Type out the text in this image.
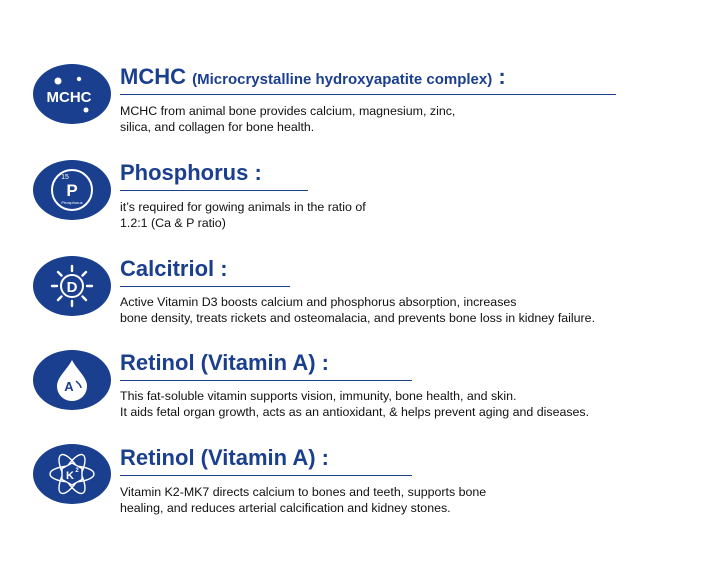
MCHC
MCHC (Microcrystalline hydroxyapatite complex) :
MCHC from animal bone provides calcium, magnesium, zinc,
silica, and collagen for bone health.
15
P
Phosphorus
Phosphorus :
it’s required for gowing animals in the ratio of
1.2:1 (Ca & P ratio)
D
Calcitriol :
Active Vitamin D3 boosts calcium and phosphorus absorption, increases
bone density, treats rickets and osteomalacia, and prevents bone loss in kidney failure.
A
Retinol (Vitamin A) :
This fat-soluble vitamin supports vision, immunity, bone health, and skin.
It aids fetal organ growth, acts as an antioxidant, & helps prevent aging and diseases.
K 2
Retinol (Vitamin A) :
Vitamin K2-MK7 directs calcium to bones and teeth, supports bone
healing, and reduces arterial calcification and kidney stones.
